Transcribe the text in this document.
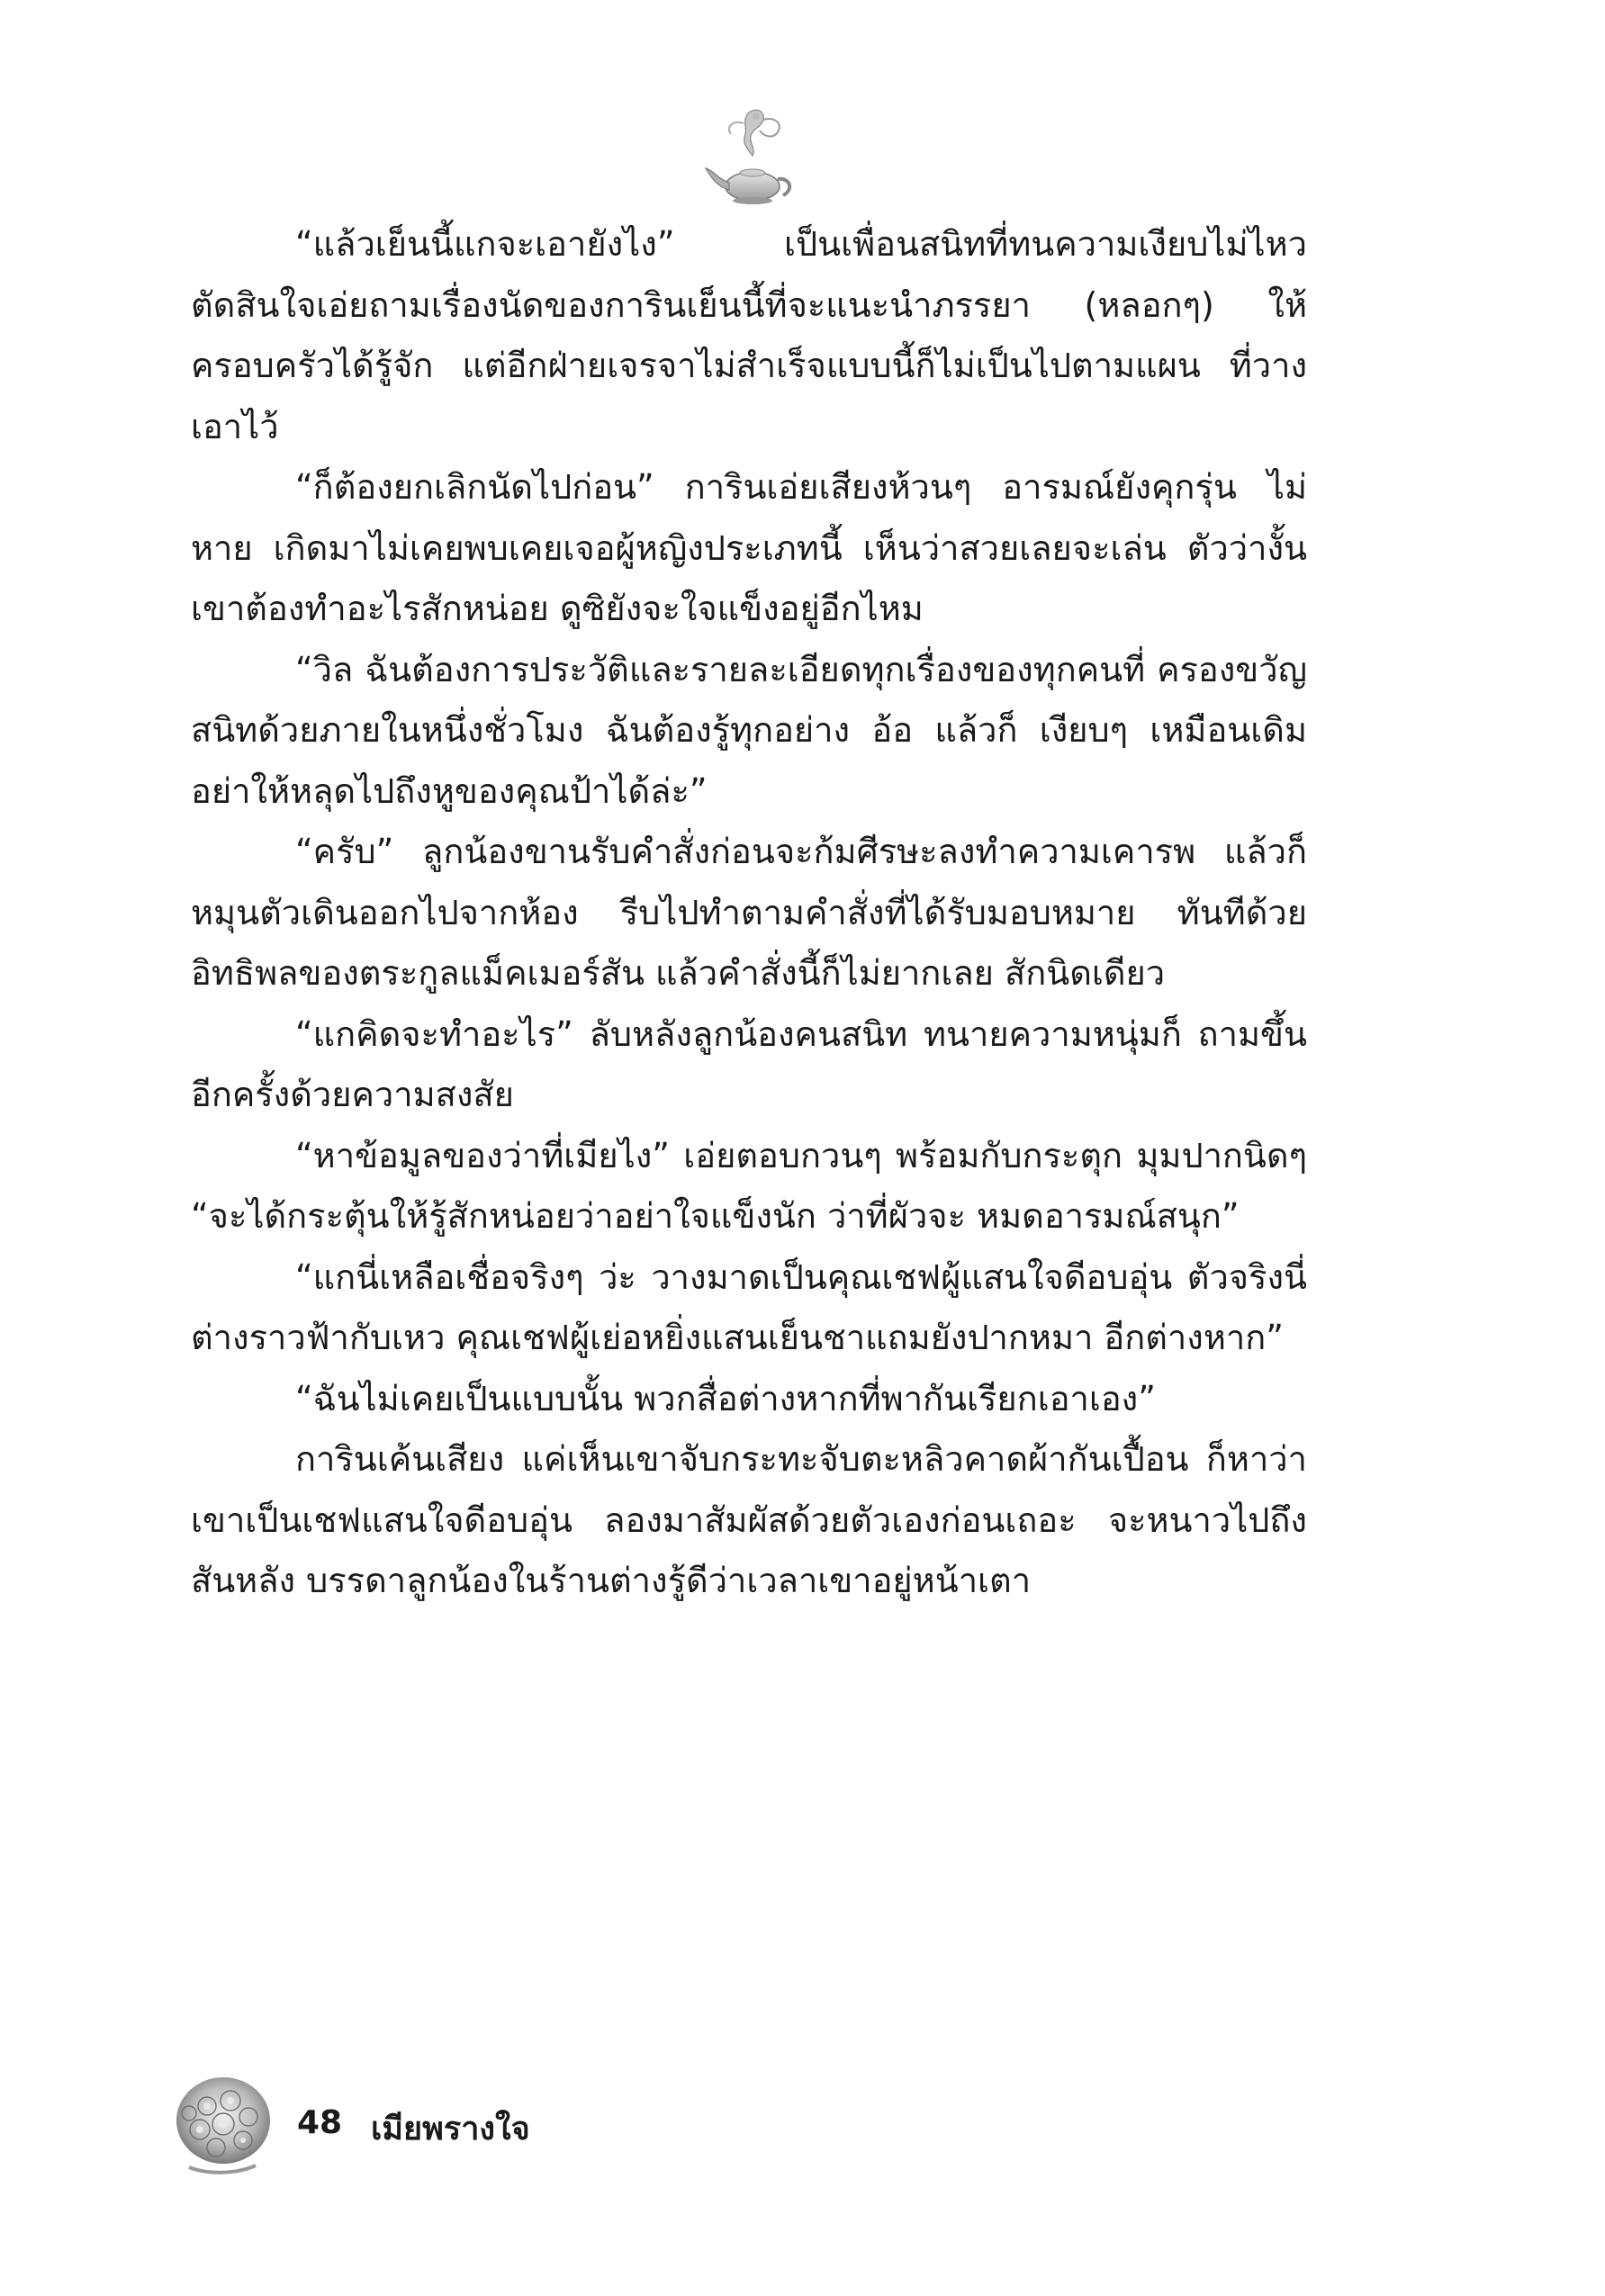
“แล้วเย็นนี้แกจะเอายังไง” เป็นเพื่อนสนิทที่ทนความเงียบไม่ไหว ตัดสินใจเอ่ยถามเรื่องนัดของการินเย็นนี้ที่จะแนะนำภรรยา (หลอกๆ) ให้ครอบครัวได้รู้จัก แต่อีกฝ่ายเจรจาไม่สำเร็จแบบนี้ก็ไม่เป็นไปตามแผน ที่วางเอาไว้

“ก็ต้องยกเลิกนัดไปก่อน” การินเอ่ยเสียงห้วนๆ อารมณ์ยังคุกรุ่น ไม่หาย เกิดมาไม่เคยพบเคยเจอผู้หญิงประเภทนี้ เห็นว่าสวยเลยจะเล่น ตัวว่างั้น เขาต้องทำอะไรสักหน่อย ดูซิยังจะใจแข็งอยู่อีกไหม

“วิล ฉันต้องการประวัติและรายละเอียดทุกเรื่องของทุกคนที่ ครองขวัญสนิทด้วยภายในหนึ่งชั่วโมง ฉันต้องรู้ทุกอย่าง อ้อ แล้วก็ เงียบๆ เหมือนเดิม อย่าให้หลุดไปถึงหูของคุณป้าได้ล่ะ”

“ครับ” ลูกน้องขานรับคำสั่งก่อนจะก้มศีรษะลงทำความเคารพ แล้วก็หมุนตัวเดินออกไปจากห้อง รีบไปทำตามคำสั่งที่ได้รับมอบหมาย ทันทีด้วยอิทธิพลของตระกูลแม็คเมอร์สัน แล้วคำสั่งนี้ก็ไม่ยากเลย สักนิดเดียว

“แกคิดจะทำอะไร” ลับหลังลูกน้องคนสนิท ทนายความหนุ่มก็ ถามขึ้นอีกครั้งด้วยความสงสัย

“หาข้อมูลของว่าที่เมียไง” เอ่ยตอบกวนๆ พร้อมกับกระตุก มุมปากนิดๆ “จะได้กระตุ้นให้รู้สักหน่อยว่าอย่าใจแข็งนัก ว่าที่ผัวจะ หมดอารมณ์สนุก”

“แกนี่เหลือเชื่อจริงๆ ว่ะ วางมาดเป็นคุณเชฟผู้แสนใจดีอบอุ่น ตัวจริงนี่ต่างราวฟ้ากับเหว คุณเชฟผู้เย่อหยิ่งแสนเย็นชาแถมยังปากหมา อีกต่างหาก”

“ฉันไม่เคยเป็นแบบนั้น พวกสื่อต่างหากที่พากันเรียกเอาเอง”

การินเค้นเสียง แค่เห็นเขาจับกระทะจับตะหลิวคาดผ้ากันเปื้อน ก็หาว่าเขาเป็นเชฟแสนใจดีอบอุ่น ลองมาสัมผัสด้วยตัวเองก่อนเถอะ จะหนาวไปถึงสันหลัง บรรดาลูกน้องในร้านต่างรู้ดีว่าเวลาเขาอยู่หน้าเตา

48 เมียพรางใจ
